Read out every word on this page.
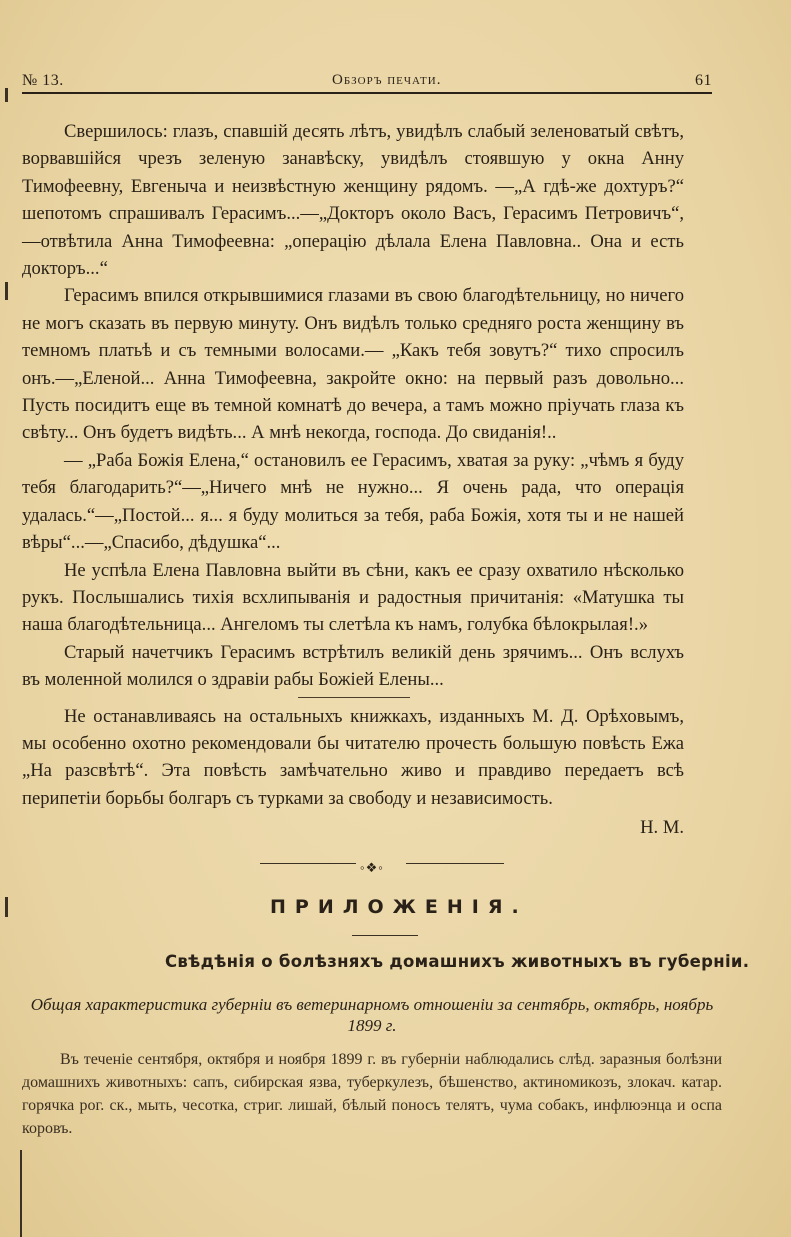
№ 13.	Обзоръ печати.	61

Свершилось: глазъ, спавшій десять лѣтъ, увидѣлъ слабый зеленоватый свѣтъ, ворвавшійся чрезъ зеленую занавѣску, увидѣлъ стоявшую у окна Анну Тимофеевну, Евгеныча и неизвѣстную женщину рядомъ. —„А гдѣ-же дохтуръ?“ шепотомъ спрашивалъ Герасимъ...—„Докторъ около Васъ, Герасимъ Петровичъ“,—отвѣтила Анна Тимофеевна: „операцію дѣлала Елена Павловна.. Она и есть докторъ...“

Герасимъ впился открывшимися глазами въ свою благодѣтельницу, но ничего не могъ сказать въ первую минуту. Онъ видѣлъ только средняго роста женщину въ темномъ платьѣ и съ темными волосами.— „Какъ тебя зовутъ?“ тихо спросилъ онъ.—„Еленой... Анна Тимофеевна, закройте окно: на первый разъ довольно... Пусть посидитъ еще въ темной комнатѣ до вечера, а тамъ можно пріучать глаза къ свѣту... Онъ будетъ видѣть... А мнѣ некогда, господа. До свиданія!..

— „Раба Божія Елена,“ остановилъ ее Герасимъ, хватая за руку: „чѣмъ я буду тебя благодарить?“—„Ничего мнѣ не нужно... Я очень рада, что операція удалась.“—„Постой... я... я буду молиться за тебя, раба Божія, хотя ты и не нашей вѣры“...—„Спасибо, дѣдушка“...

Не успѣла Елена Павловна выйти въ сѣни, какъ ее сразу охватило нѣсколько рукъ. Послышались тихія всхлипыванія и радостныя причитанія: «Матушка ты наша благодѣтельница... Ангеломъ ты слетѣла къ намъ, голубка бѣлокрылая!.»

Старый начетчикъ Герасимъ встрѣтилъ великій день зрячимъ... Онъ вслухъ въ моленной молился о здравіи рабы Божіей Елены...

Не останавливаясь на остальныхъ книжкахъ, изданныхъ М. Д. Орѣховымъ, мы особенно охотно рекомендовали бы читателю прочесть большую повѣсть Ежа „На разсвѣтѣ“. Эта повѣсть замѣчательно живо и правдиво передаетъ всѣ перипетіи борьбы болгаръ съ турками за свободу и независимость.

Н. М.
◦❖◦
ПРИЛОЖЕНІЯ.
Свѣдѣнія о болѣзняхъ домашнихъ животныхъ въ губерніи.
Общая характеристика губерніи въ ветеринарномъ отношеніи за сентябрь, октябрь, ноябрь 1899 г.

Въ теченіе сентября, октября и ноября 1899 г. въ губерніи наблюдались слѣд. заразныя болѣзни домашнихъ животныхъ: сапъ, сибирская язва, туберкулезъ, бѣшенство, актиномикозъ, злокач. катар. горячка рог. ск., мыть, чесотка, стриг. лишай, бѣлый поносъ телятъ, чума собакъ, инфлюэнца и оспа коровъ.
